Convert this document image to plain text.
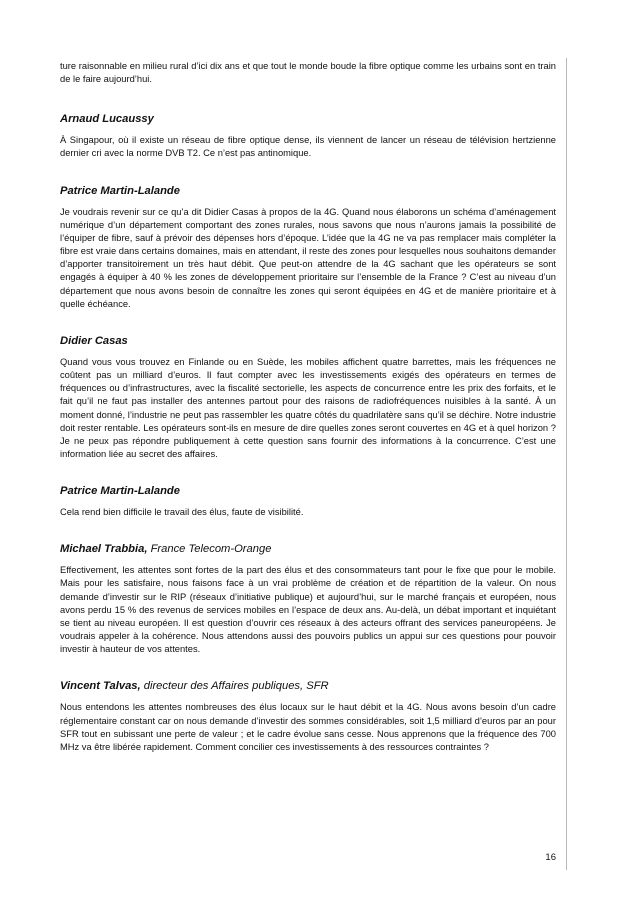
ture raisonnable en milieu rural d’ici dix ans et que tout le monde boude la fibre optique comme les urbains sont en train de le faire aujourd’hui.

Arnaud Lucaussy

À Singapour, où il existe un réseau de fibre optique dense, ils viennent de lancer un réseau de télévision hertzienne dernier cri avec la norme DVB T2. Ce n’est pas antinomique.

Patrice Martin-Lalande

Je voudrais revenir sur ce qu’a dit Didier Casas à propos de la 4G. Quand nous élaborons un schéma d’aménagement numérique d’un département comportant des zones rurales, nous savons que nous n’aurons jamais la possibilité de l’équiper de fibre, sauf à prévoir des dépenses hors d’époque. L’idée que la 4G ne va pas remplacer mais compléter la fibre est vraie dans certains domaines, mais en attendant, il reste des zones pour lesquelles nous souhaitons demander d’apporter transitoirement un très haut débit. Que peut-on attendre de la 4G sachant que les opérateurs se sont engagés à équiper à 40 % les zones de développement prioritaire sur l’ensemble de la France ? C’est au niveau d’un département que nous avons besoin de connaître les zones qui seront équipées en 4G et de manière prioritaire et à quelle échéance.

Didier Casas

Quand vous vous trouvez en Finlande ou en Suède, les mobiles affichent quatre barrettes, mais les fréquences ne coûtent pas un milliard d’euros. Il faut compter avec les investissements exigés des opérateurs en termes de fréquences ou d’infrastructures, avec la fiscalité sectorielle, les aspects de concurrence entre les prix des forfaits, et le fait qu’il ne faut pas installer des antennes partout pour des raisons de radiofréquences nuisibles à la santé. À un moment donné, l’industrie ne peut pas rassembler les quatre côtés du quadrilatère sans qu’il se déchire. Notre industrie doit rester rentable. Les opérateurs sont-ils en mesure de dire quelles zones seront couvertes en 4G et à quel horizon ? Je ne peux pas répondre publiquement à cette question sans fournir des informations à la concurrence. C’est une information liée au secret des affaires.

Patrice Martin-Lalande

Cela rend bien difficile le travail des élus, faute de visibilité.

Michael Trabbia, France Telecom-Orange

Effectivement, les attentes sont fortes de la part des élus et des consommateurs tant pour le fixe que pour le mobile. Mais pour les satisfaire, nous faisons face à un vrai problème de création et de répartition de la valeur. On nous demande d’investir sur le RIP (réseaux d’initiative publique) et aujourd’hui, sur le marché français et européen, nous avons perdu 15 % des revenus de services mobiles en l’espace de deux ans. Au-delà, un débat important et inquiétant se tient au niveau européen. Il est question d’ouvrir ces réseaux à des acteurs offrant des services paneuropéens. Je voudrais appeler à la cohérence. Nous attendons aussi des pouvoirs publics un appui sur ces questions pour pouvoir investir à hauteur de vos attentes.

Vincent Talvas, directeur des Affaires publiques, SFR

Nous entendons les attentes nombreuses des élus locaux sur le haut débit et la 4G. Nous avons besoin d’un cadre réglementaire constant car on nous demande d’investir des sommes considérables, soit 1,5 milliard d’euros par an pour SFR tout en subissant une perte de valeur ; et le cadre évolue sans cesse. Nous apprenons que la fréquence des 700 MHz va être libérée rapidement. Comment concilier ces investissements à des ressources contraintes ?

16
